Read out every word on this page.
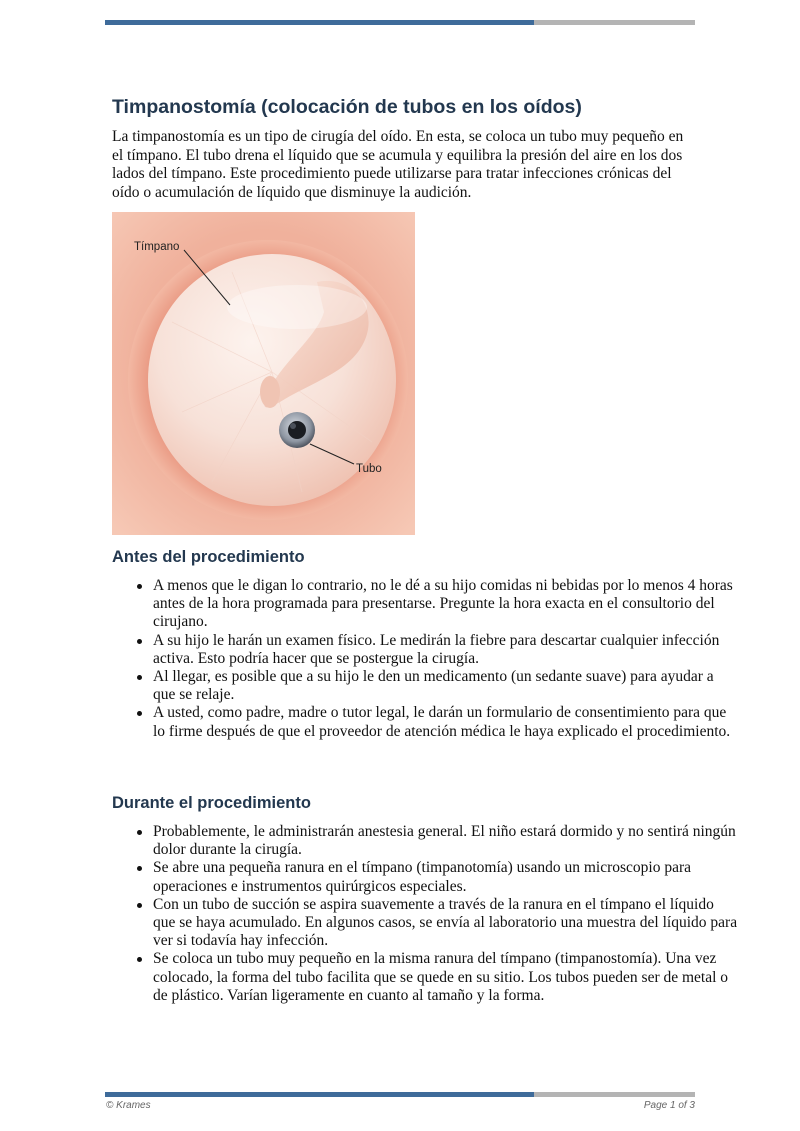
Timpanostomía (colocación de tubos en los oídos)

La timpanostomía es un tipo de cirugía del oído. En esta, se coloca un tubo muy pequeño en el tímpano. El tubo drena el líquido que se acumula y equilibra la presión del aire en los dos lados del tímpano. Este procedimiento puede utilizarse para tratar infecciones crónicas del oído o acumulación de líquido que disminuye la audición.

Tímpano
Tubo
Antes del procedimiento
A menos que le digan lo contrario, no le dé a su hijo comidas ni bebidas por lo menos 4 horas antes de la hora programada para presentarse. Pregunte la hora exacta en el consultorio del cirujano.
A su hijo le harán un examen físico. Le medirán la fiebre para descartar cualquier infección activa. Esto podría hacer que se postergue la cirugía.
Al llegar, es posible que a su hijo le den un medicamento (un sedante suave) para ayudar a que se relaje.
A usted, como padre, madre o tutor legal, le darán un formulario de consentimiento para que lo firme después de que el proveedor de atención médica le haya explicado el procedimiento.
Durante el procedimiento
Probablemente, le administrarán anestesia general. El niño estará dormido y no sentirá ningún dolor durante la cirugía.
Se abre una pequeña ranura en el tímpano (timpanotomía) usando un microscopio para operaciones e instrumentos quirúrgicos especiales.
Con un tubo de succión se aspira suavemente a través de la ranura en el tímpano el líquido que se haya acumulado. En algunos casos, se envía al laboratorio una muestra del líquido para ver si todavía hay infección.
Se coloca un tubo muy pequeño en la misma ranura del tímpano (timpanostomía). Una vez colocado, la forma del tubo facilita que se quede en su sitio. Los tubos pueden ser de metal o de plástico. Varían ligeramente en cuanto al tamaño y la forma.
© Krames	Page 1 of 3
